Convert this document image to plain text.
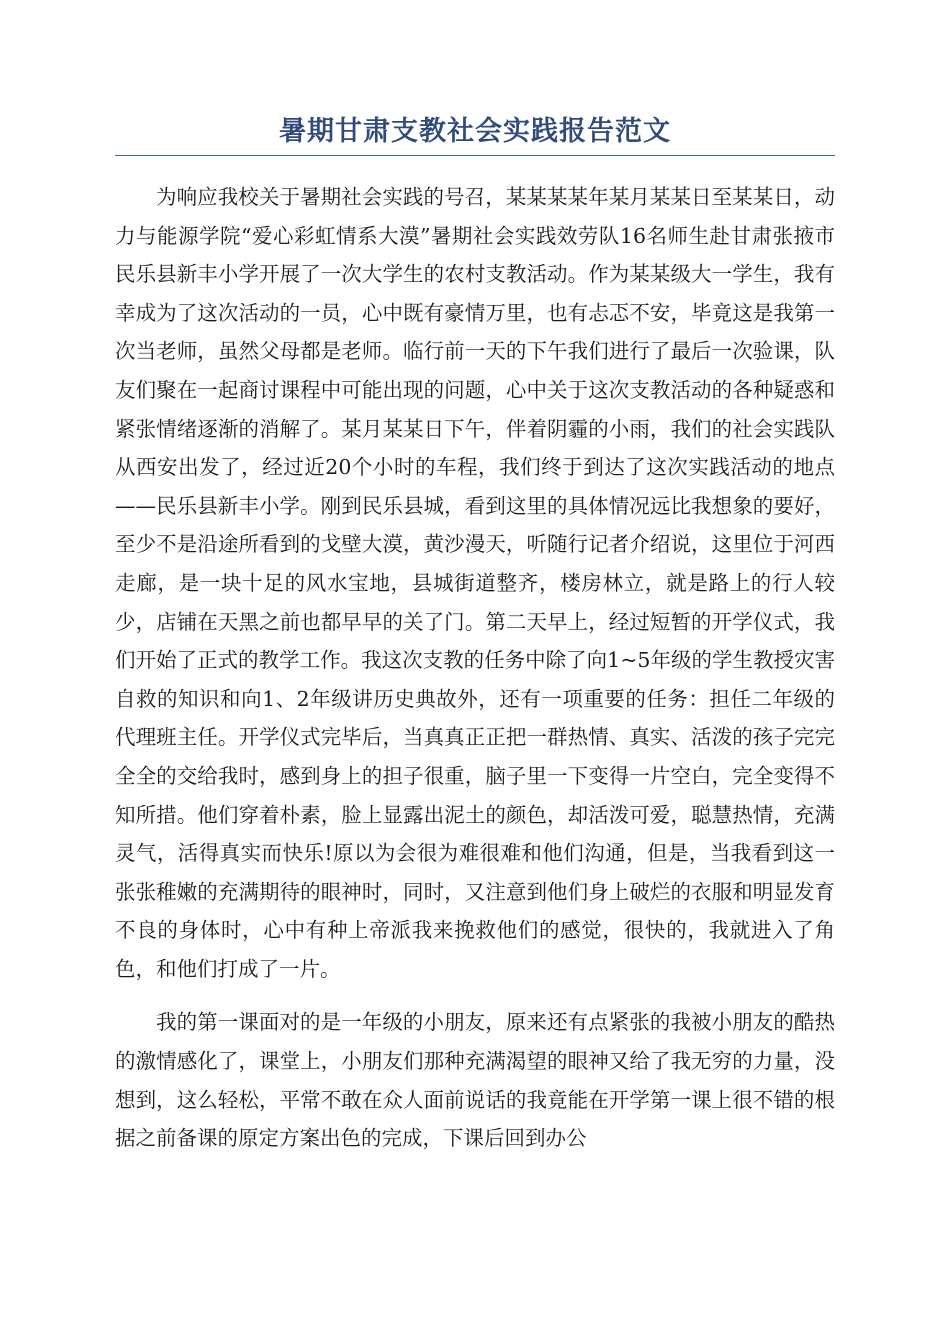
暑期甘肃支教社会实践报告范文

为响应我校关于暑期社会实践的号召，某某某某年某月某某日至某某日，动力与能源学院“爱心彩虹情系大漠”暑期社会实践效劳队16名师生赴甘肃张掖市民乐县新丰小学开展了一次大学生的农村支教活动。作为某某级大一学生，我有幸成为了这次活动的一员，心中既有豪情万里，也有忐忑不安，毕竟这是我第一次当老师，虽然父母都是老师。临行前一天的下午我们进行了最后一次验课，队友们聚在一起商讨课程中可能出现的问题，心中关于这次支教活动的各种疑惑和紧张情绪逐渐的消解了。某月某某日下午，伴着阴霾的小雨，我们的社会实践队从西安出发了，经过近20个小时的车程，我们终于到达了这次实践活动的地点——民乐县新丰小学。刚到民乐县城，看到这里的具体情况远比我想象的要好，至少不是沿途所看到的戈壁大漠，黄沙漫天，听随行记者介绍说，这里位于河西走廊，是一块十足的风水宝地，县城街道整齐，楼房林立，就是路上的行人较少，店铺在天黑之前也都早早的关了门。第二天早上，经过短暂的开学仪式，我们开始了正式的教学工作。我这次支教的任务中除了向1~5年级的学生教授灾害自救的知识和向1、2年级讲历史典故外，还有一项重要的任务：担任二年级的代理班主任。开学仪式完毕后，当真真正正把一群热情、真实、活泼的孩子完完全全的交给我时，感到身上的担子很重，脑子里一下变得一片空白，完全变得不知所措。他们穿着朴素，脸上显露出泥土的颜色，却活泼可爱，聪慧热情，充满灵气，活得真实而快乐!原以为会很为难很难和他们沟通，但是，当我看到这一张张稚嫩的充满期待的眼神时，同时，又注意到他们身上破烂的衣服和明显发育不良的身体时，心中有种上帝派我来挽救他们的感觉，很快的，我就进入了角色，和他们打成了一片。

我的第一课面对的是一年级的小朋友，原来还有点紧张的我被小朋友的酷热的激情感化了，课堂上，小朋友们那种充满渴望的眼神又给了我无穷的力量，没想到，这么轻松，平常不敢在众人面前说话的我竟能在开学第一课上很不错的根据之前备课的原定方案出色的完成，下课后回到办公
